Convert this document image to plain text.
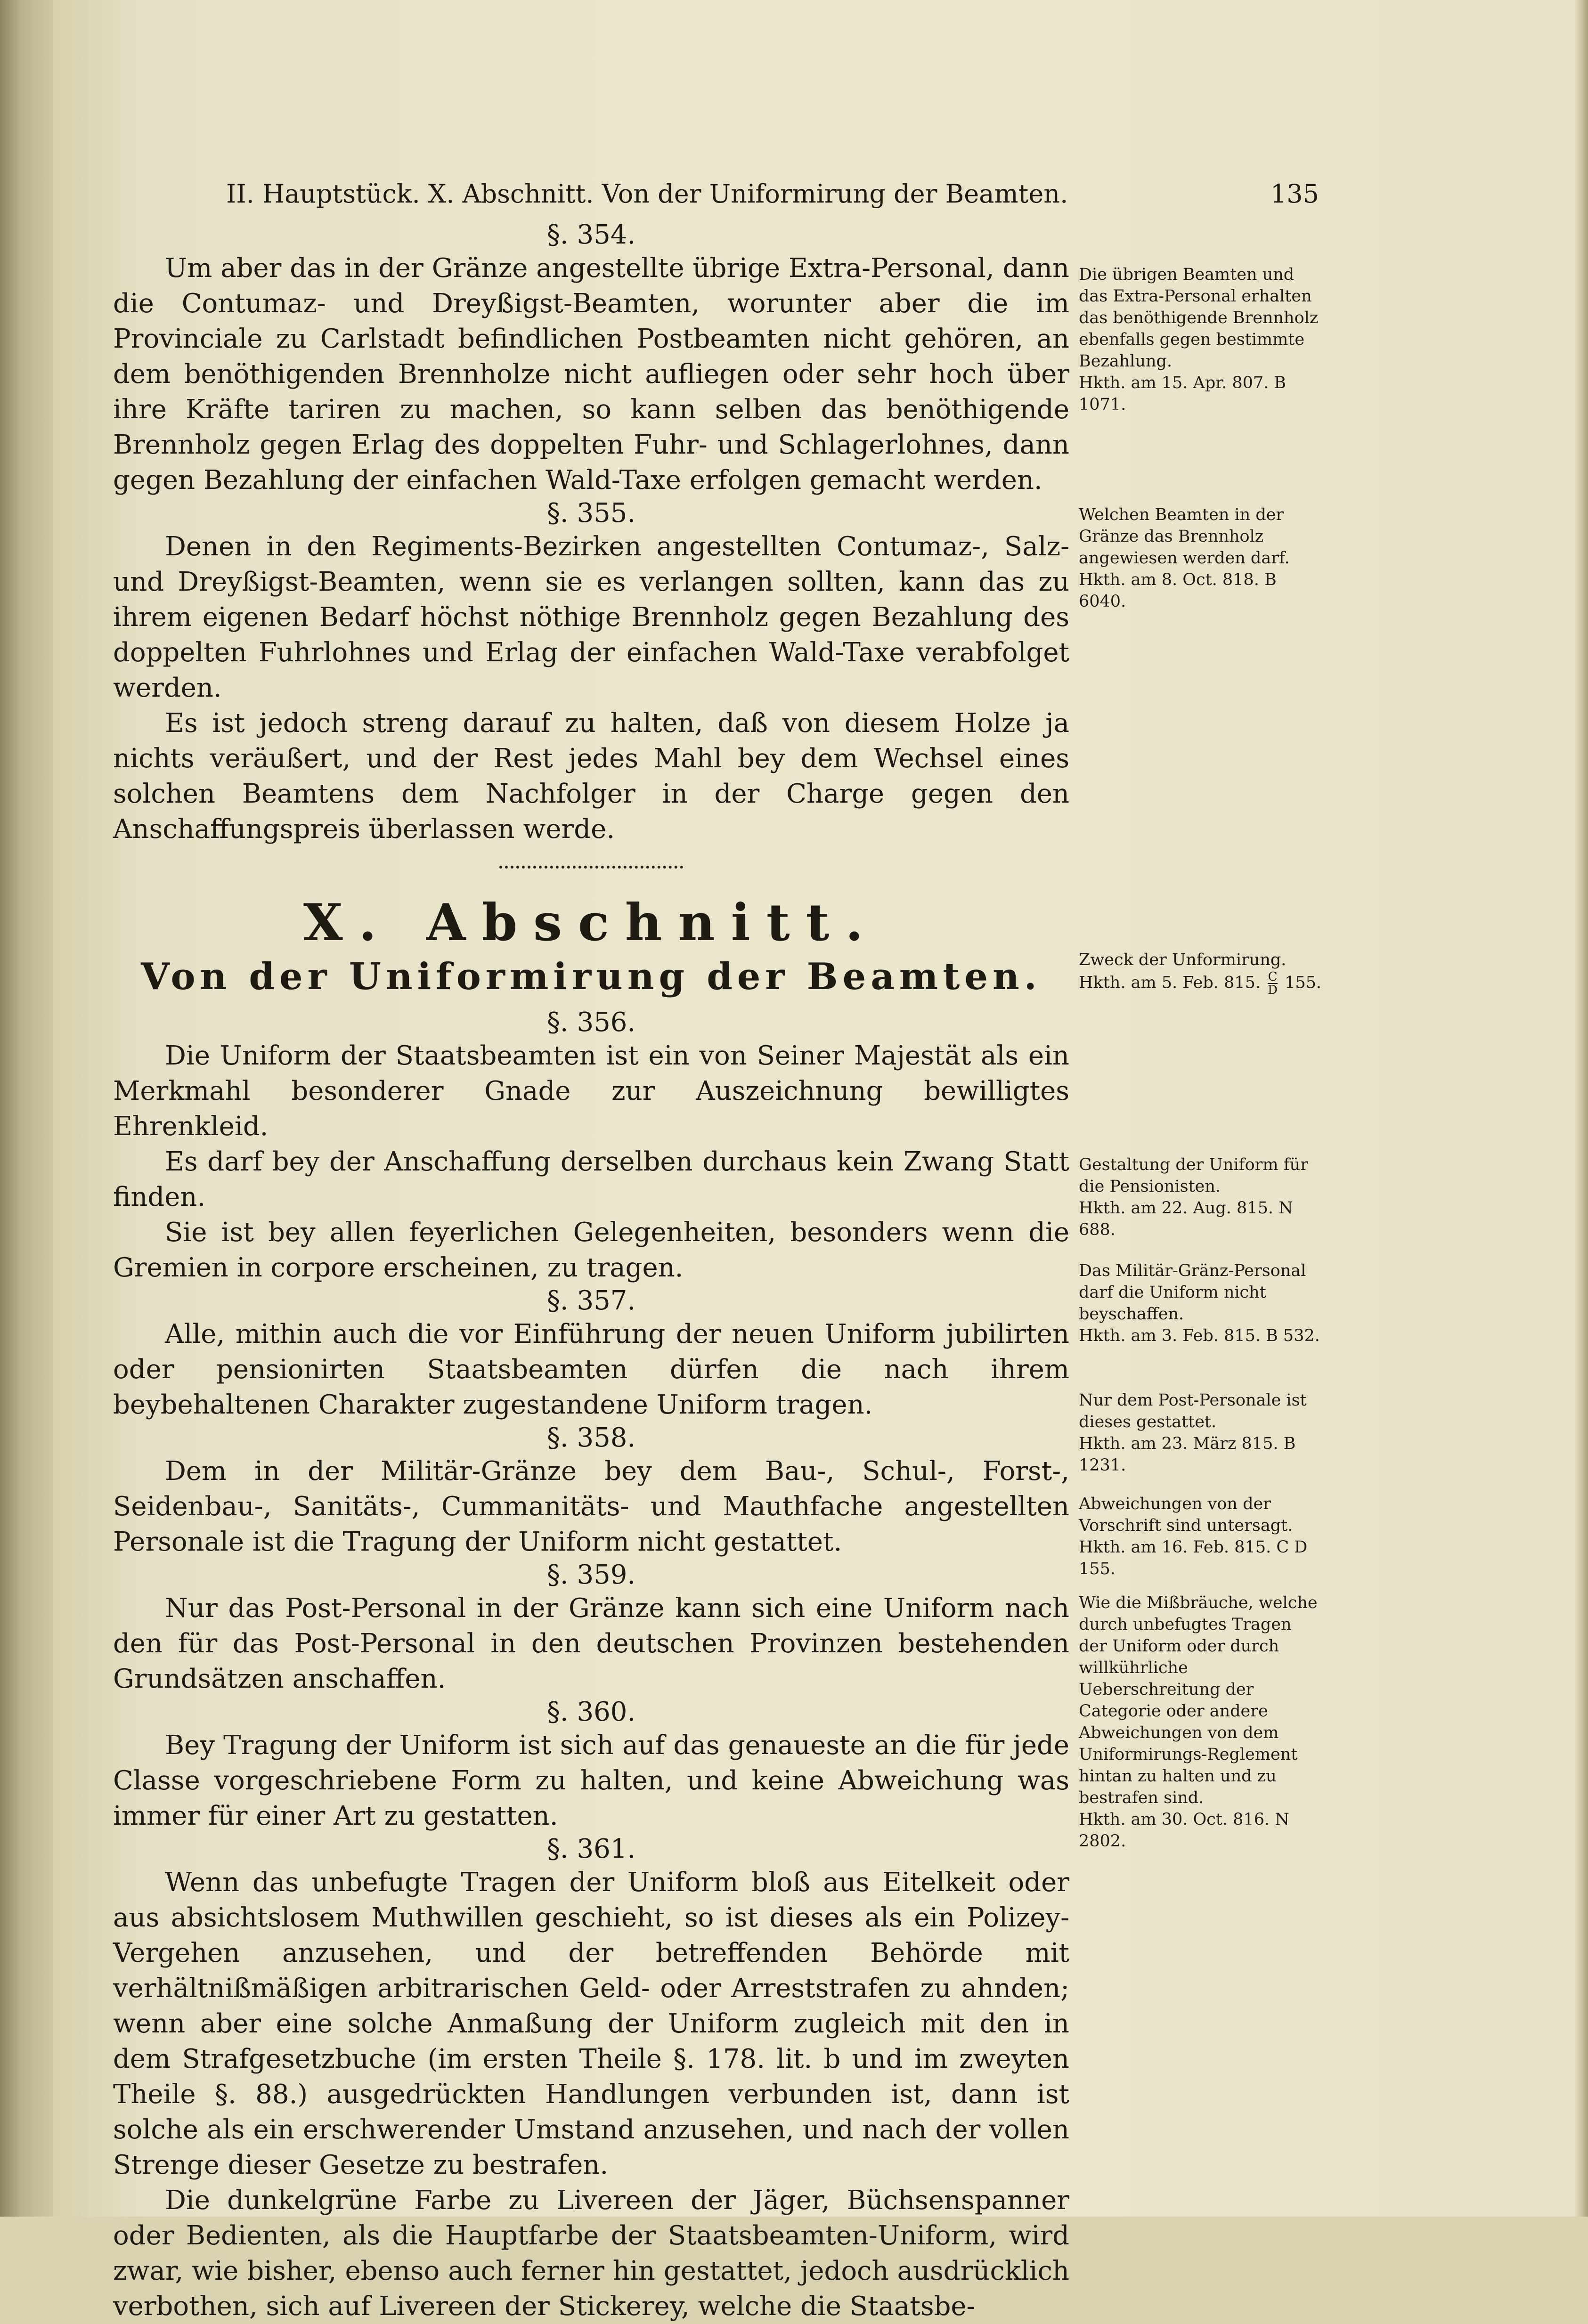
II. Hauptstück. X. Abschnitt. Von der Uniformirung der Beamten.	135

§. 354.

Um aber das in der Gränze angestellte übrige Extra-Personal, dann die Contumaz- und Dreyßigst-Beamten, worunter aber die im Provinciale zu Carlstadt befindlichen Postbeamten nicht gehören, an dem benöthigenden Brennholze nicht aufliegen oder sehr hoch über ihre Kräfte tariren zu machen, so kann selben das benöthigende Brennholz gegen Erlag des doppelten Fuhr- und Schlagerlohnes, dann gegen Bezahlung der einfachen Wald-Taxe erfolgen gemacht werden.

§. 355.

Denen in den Regiments-Bezirken angestellten Contumaz-, Salz- und Dreyßigst-Beamten, wenn sie es verlangen sollten, kann das zu ihrem eigenen Bedarf höchst nöthige Brennholz gegen Bezahlung des doppelten Fuhrlohnes und Erlag der einfachen Wald-Taxe verabfolget werden.

Es ist jedoch streng darauf zu halten, daß von diesem Holze ja nichts veräußert, und der Rest jedes Mahl bey dem Wechsel eines solchen Beamtens dem Nachfolger in der Charge gegen den Anschaffungspreis überlassen werde.

X. Abschnitt.

Von der Uniformirung der Beamten.

§. 356.

Die Uniform der Staatsbeamten ist ein von Seiner Majestät als ein Merkmahl besonderer Gnade zur Auszeichnung bewilligtes Ehrenkleid.

Es darf bey der Anschaffung derselben durchaus kein Zwang Statt finden.

Sie ist bey allen feyerlichen Gelegenheiten, besonders wenn die Gremien in corpore erscheinen, zu tragen.

§. 357.

Alle, mithin auch die vor Einführung der neuen Uniform jubilirten oder pensionirten Staatsbeamten dürfen die nach ihrem beybehaltenen Charakter zugestandene Uniform tragen.

§. 358.

Dem in der Militär-Gränze bey dem Bau-, Schul-, Forst-, Seidenbau-, Sanitäts-, Cummanitäts- und Mauthfache angestellten Personale ist die Tragung der Uniform nicht gestattet.

§. 359.

Nur das Post-Personal in der Gränze kann sich eine Uniform nach den für das Post-Personal in den deutschen Provinzen bestehenden Grundsätzen anschaffen.

§. 360.

Bey Tragung der Uniform ist sich auf das genaueste an die für jede Classe vorgeschriebene Form zu halten, und keine Abweichung was immer für einer Art zu gestatten.

§. 361.

Wenn das unbefugte Tragen der Uniform bloß aus Eitelkeit oder aus absichtslosem Muthwillen geschieht, so ist dieses als ein Polizey-Vergehen anzusehen, und der betreffenden Behörde mit verhältnißmäßigen arbitrarischen Geld- oder Arreststrafen zu ahnden; wenn aber eine solche Anmaßung der Uniform zugleich mit den in dem Strafgesetzbuche (im ersten Theile §. 178. lit. b und im zweyten Theile §. 88.) ausgedrückten Handlungen verbunden ist, dann ist solche als ein erschwerender Umstand anzusehen, und nach der vollen Strenge dieser Gesetze zu bestrafen.

Die dunkelgrüne Farbe zu Livereen der Jäger, Büchsenspanner oder Bedienten, als die Hauptfarbe der Staatsbeamten-Uniform, wird zwar, wie bisher, ebenso auch ferner hin gestattet, jedoch ausdrücklich verbothen, sich auf Livereen der Stickerey, welche die Staatsbe-

Die übrigen Beamten und das Extra-Personal erhalten das benöthigende Brennholz ebenfalls gegen bestimmte Bezahlung.
Hkth. am 15. Apr. 807. B 1071.

Welchen Beamten in der Gränze das Brennholz angewiesen werden darf.
Hkth. am 8. Oct. 818. B 6040.

Zweck der Unformirung.
Hkth. am 5. Feb. 815. $\frac{C}{D} 155$.

Gestaltung der Uniform für die Pensionisten.
Hkth. am 22. Aug. 815. N 688.

Das Militär-Gränz-Personal darf die Uniform nicht beyschaffen.
Hkth. am 3. Feb. 815. B 532.

Nur dem Post-Personale ist dieses gestattet.
Hkth. am 23. März 815. B 1231.

Abweichungen von der Vorschrift sind untersagt.
Hkth. am 16. Feb. 815. C D 155.

Wie die Mißbräuche, welche durch unbefugtes Tragen der Uniform oder durch willkührliche Ueberschreitung der Categorie oder andere Abweichungen von dem Uniformirungs-Reglement hintan zu halten und zu bestrafen sind.
Hkth. am 30. Oct. 816. N 2802.
